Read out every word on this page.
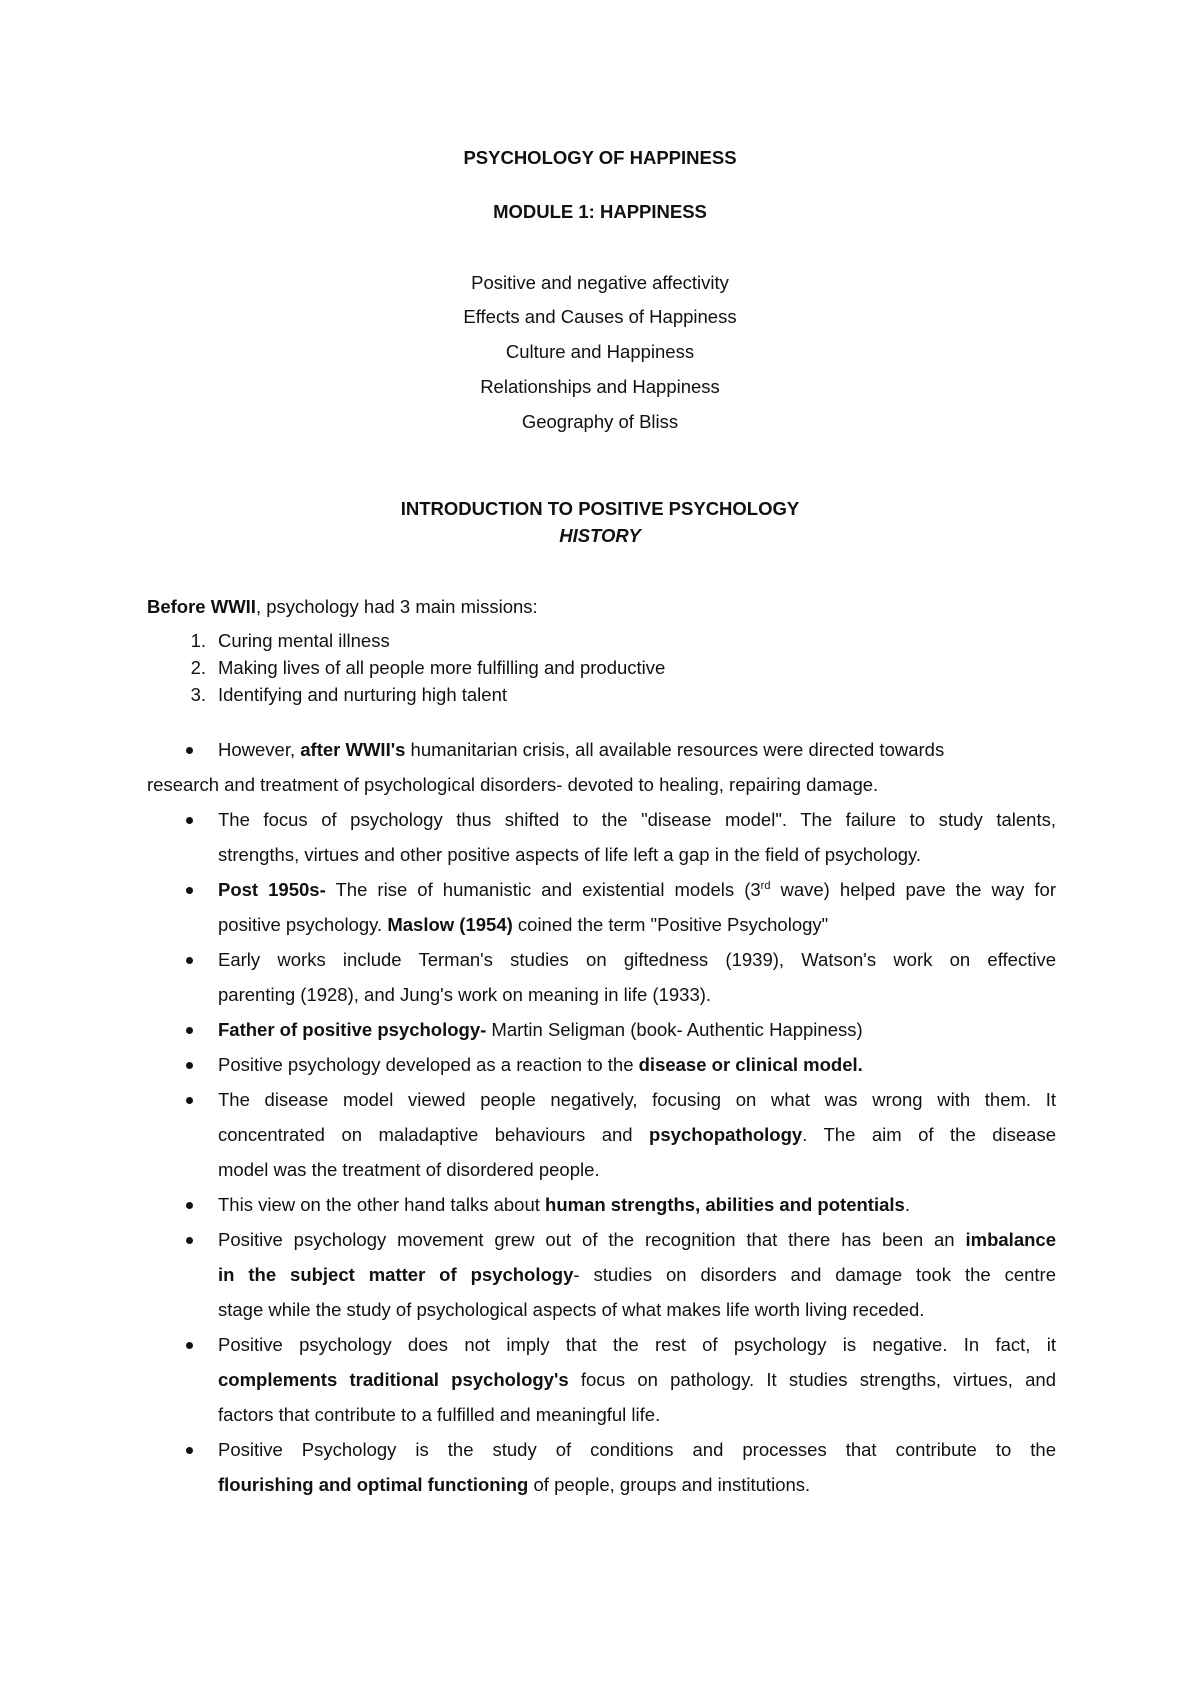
PSYCHOLOGY OF HAPPINESS

MODULE 1: HAPPINESS

Positive and negative affectivity

Effects and Causes of Happiness

Culture and Happiness

Relationships and Happiness

Geography of Bliss

INTRODUCTION TO POSITIVE PSYCHOLOGY

HISTORY

Before WWII, psychology had 3 main missions:

1. Curing mental illness

2. Making lives of all people more fulfilling and productive

3. Identifying and nurturing high talent

However, after WWII's humanitarian crisis, all available resources were directed towards

research and treatment of psychological disorders- devoted to healing, repairing damage.

The focus of psychology thus shifted to the "disease model". The failure to study talents,

strengths, virtues and other positive aspects of life left a gap in the field of psychology.

Post 1950s- The rise of humanistic and existential models (3rd wave) helped pave the way for

positive psychology. Maslow (1954) coined the term "Positive Psychology"

Early works include Terman's studies on giftedness (1939), Watson's work on effective

parenting (1928), and Jung's work on meaning in life (1933).

Father of positive psychology- Martin Seligman (book- Authentic Happiness)

Positive psychology developed as a reaction to the disease or clinical model.

The disease model viewed people negatively, focusing on what was wrong with them. It

concentrated on maladaptive behaviours and psychopathology. The aim of the disease

model was the treatment of disordered people.

This view on the other hand talks about human strengths, abilities and potentials.

Positive psychology movement grew out of the recognition that there has been an imbalance

in the subject matter of psychology- studies on disorders and damage took the centre

stage while the study of psychological aspects of what makes life worth living receded.

Positive psychology does not imply that the rest of psychology is negative. In fact, it

complements traditional psychology's focus on pathology. It studies strengths, virtues, and

factors that contribute to a fulfilled and meaningful life.

Positive Psychology is the study of conditions and processes that contribute to the

flourishing and optimal functioning of people, groups and institutions.
